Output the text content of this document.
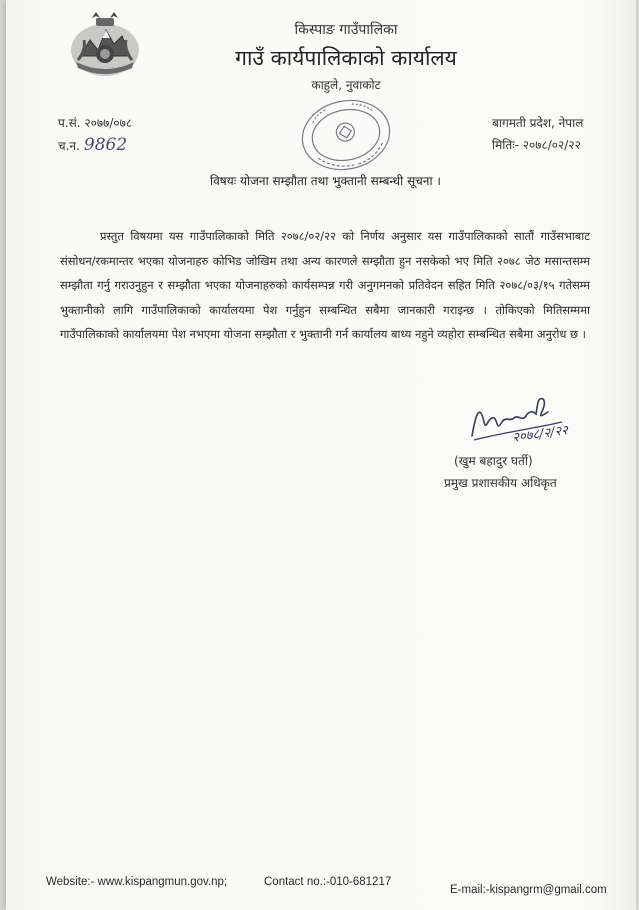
किस्पाङ गाउँपालिका
गाउँ कार्यपालिकाको कार्यालय
काहुले, नुवाकोट
प.सं. २०७७/०७८
च.न. 9862
बागमती प्रदेश, नेपाल
मितिः- २०७८/०२/२२
विषयः योजना सम्झौता तथा भुक्तानी सम्बन्धी सूचना ।

प्रस्तुत विषयमा यस गाउँपालिकाको मिति २०७८/०२/२२ को निर्णय अनुसार यस गाउँपालिकाको सातौं गाउँसभाबाट संसोधन/रकमान्तर भएका योजनाहरु कोभिड जोखिम तथा अन्य कारणले सम्झौता हुन नसकेको भए मिति २०७८ जेठ मसान्तसम्म सम्झौता गर्नु गराउनुहुन र सम्झौता भएका योजनाहरुको कार्यसम्पन्न गरी अनुगमनको प्रतिवेदन सहित मिति २०७८/०३/१५ गतेसम्म भुक्तानीको लागि गाउँपालिकाको कार्यालयमा पेश गर्नुहुन सम्बन्धित सबैमा जानकारी गराइन्छ । तोकिएको मितिसम्ममा गाउँपालिकाको कार्यालयमा पेश नभएमा योजना सम्झौता र भुक्तानी गर्न कार्यालय बाध्य नहुने व्यहोरा सम्बन्धित सबैमा अनुरोध छ ।

२०७८/२/२२
(खुम बहादुर घर्ती)
प्रमुख प्रशासकीय अधिकृत
Website:- www.kispangmun.gov.np;	Contact no.:-010-681217
E-mail:-kispangrm@gmail.com
